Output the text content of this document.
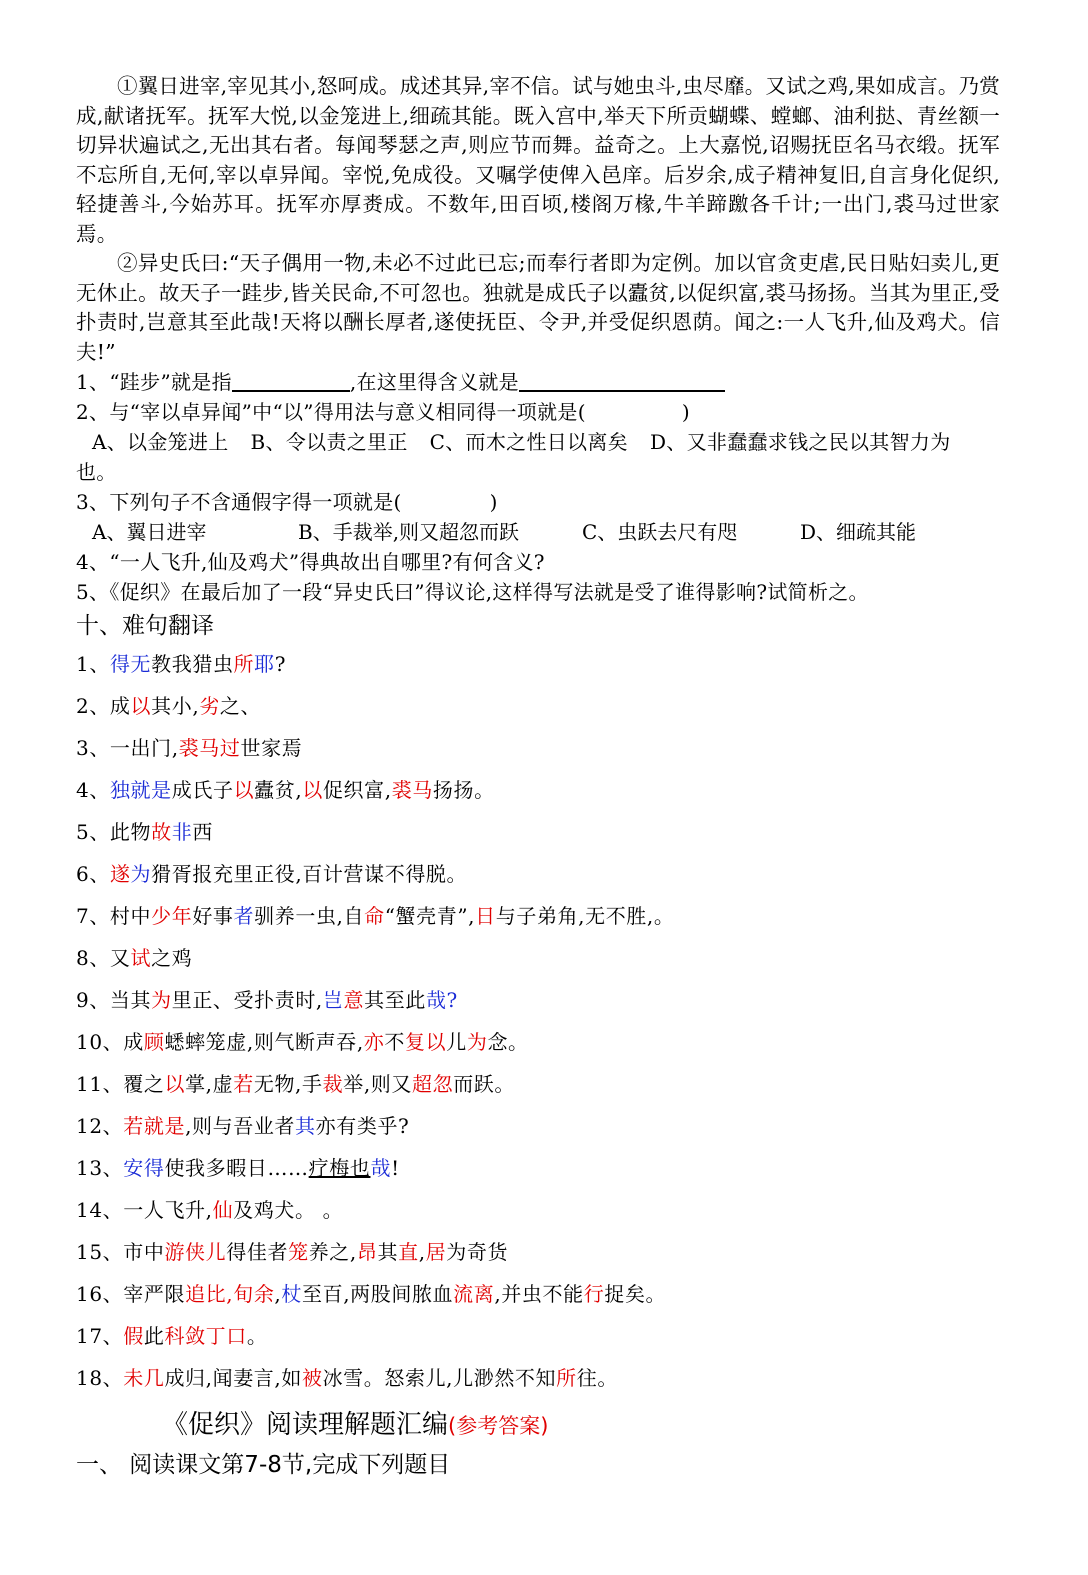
①翼日进宰,宰见其小,怒呵成。成述其异,宰不信。试与她虫斗,虫尽靡。又试之鸡,果如成言。乃赏成,献诸抚军。抚军大悦,以金笼进上,细疏其能。既入宫中,举天下所贡蝴蝶、螳螂、油利挞、青丝额一切异状遍试之,无出其右者。每闻琴瑟之声,则应节而舞。益奇之。上大嘉悦,诏赐抚臣名马衣缎。抚军不忘所自,无何,宰以卓异闻。宰悦,免成役。又嘱学使俾入邑庠。后岁余,成子精神复旧,自言身化促织,轻捷善斗,今始苏耳。抚军亦厚赉成。不数年,田百顷,楼阁万椽,牛羊蹄躈各千计;一出门,裘马过世家焉。

②异史氏曰:“天子偶用一物,未必不过此已忘;而奉行者即为定例。加以官贪吏虐,民日贴妇卖儿,更无休止。故天子一跬步,皆关民命,不可忽也。独就是成氏子以蠹贫,以促织富,裘马扬扬。当其为里正,受扑责时,岂意其至此哉!天将以酬长厚者,遂使抚臣、令尹,并受促织恩荫。闻之:一人飞升,仙及鸡犬。信夫!”

1、“跬步”就是指	,在这里得含义就是

2、与“宰以卓异闻”中“以”得用法与意义相同得一项就是(	)

A、以金笼进上 B、令以责之里正 C、而木之性日以离矣 D、又非蠢蠢求钱之民以其智力为

也。

3、下列句子不含通假字得一项就是(	)

A、翼日进宰	B、手裁举,则又超忽而跃	C、虫跃去尺有咫	D、细疏其能

4、“一人飞升,仙及鸡犬”得典故出自哪里?有何含义?

5、《促织》在最后加了一段“异史氏曰”得议论,这样得写法就是受了谁得影响?试简析之。

十、难句翻译

1、得无教我猎虫所耶?

2、成以其小,劣之、

3、一出门,裘马过世家焉

4、独就是成氏子以蠹贫,以促织富,裘马扬扬。

5、此物故非西

6、遂为猾胥报充里正役,百计营谋不得脱。

7、村中少年好事者驯养一虫,自命“蟹壳青”,日与子弟角,无不胜,。

8、又试之鸡

9、当其为里正、受扑责时,岂意其至此哉?

10、成顾蟋蟀笼虚,则气断声吞,亦不复以儿为念。

11、覆之以掌,虚若无物,手裁举,则又超忽而跃。

12、若就是,则与吾业者其亦有类乎?

13、安得使我多暇日……疗梅也哉!

14、一人飞升,仙及鸡犬。 。

15、市中游侠儿得佳者笼养之,昂其直,居为奇货

16、宰严限追比,旬余,杖至百,两股间脓血流离,并虫不能行捉矣。

17、假此科敛丁口。

18、未几成归,闻妻言,如被冰雪。怒索儿,儿渺然不知所往。

《促织》阅读理解题汇编(参考答案)

一、 阅读课文第7-8节,完成下列题目
